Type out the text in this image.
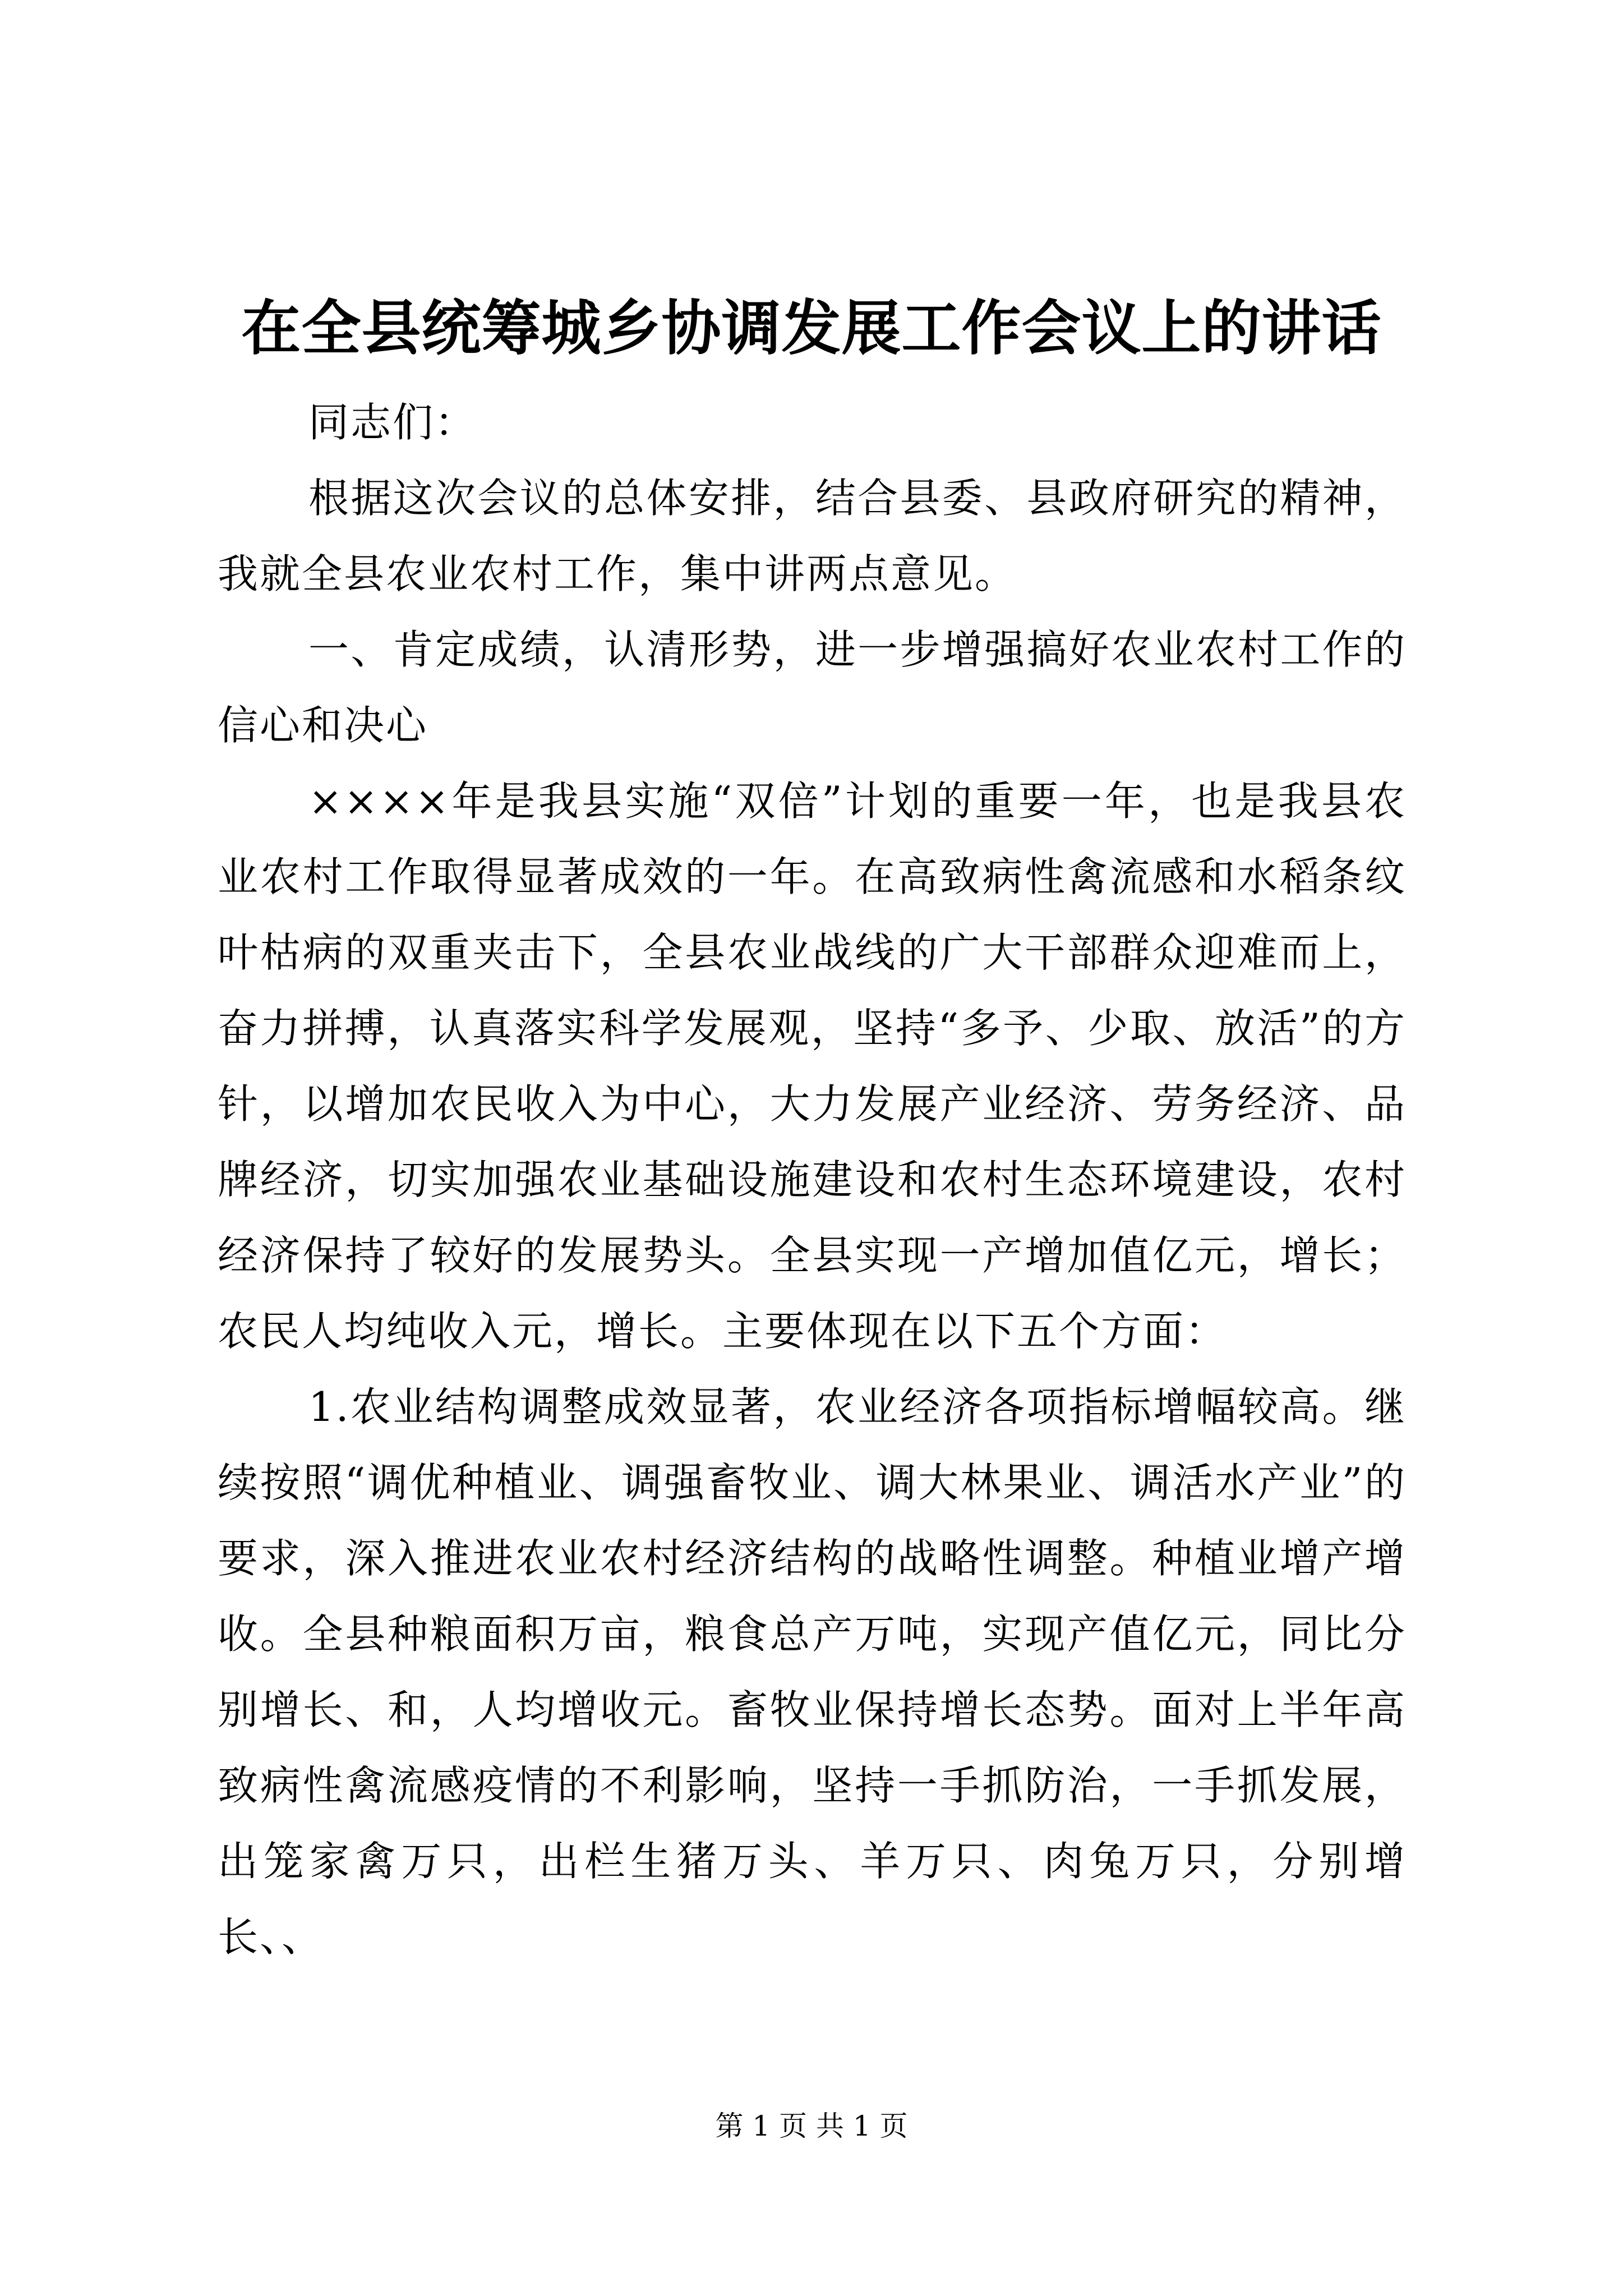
在全县统筹城乡协调发展工作会议上的讲话

同志们：

根据这次会议的总体安排，结合县委、县政府研究的精神，我就全县农业农村工作，集中讲两点意见。

一、肯定成绩，认清形势，进一步增强搞好农业农村工作的信心和决心

××××年是我县实施“双倍”计划的重要一年，也是我县农业农村工作取得显著成效的一年。在高致病性禽流感和水稻条纹叶枯病的双重夹击下，全县农业战线的广大干部群众迎难而上，奋力拼搏，认真落实科学发展观，坚持“多予、少取、放活”的方针，以增加农民收入为中心，大力发展产业经济、劳务经济、品牌经济，切实加强农业基础设施建设和农村生态环境建设，农村经济保持了较好的发展势头。全县实现一产增加值亿元，增长；农民人均纯收入元，增长。主要体现在以下五个方面：

1.农业结构调整成效显著，农业经济各项指标增幅较高。继续按照“调优种植业、调强畜牧业、调大林果业、调活水产业”的要求，深入推进农业农村经济结构的战略性调整。种植业增产增收。全县种粮面积万亩，粮食总产万吨，实现产值亿元，同比分别增长、和，人均增收元。畜牧业保持增长态势。面对上半年高致病性禽流感疫情的不利影响，坚持一手抓防治，一手抓发展，出笼家禽万只，出栏生猪万头、羊万只、肉兔万只，分别增长、、

第 1 页 共 1 页
